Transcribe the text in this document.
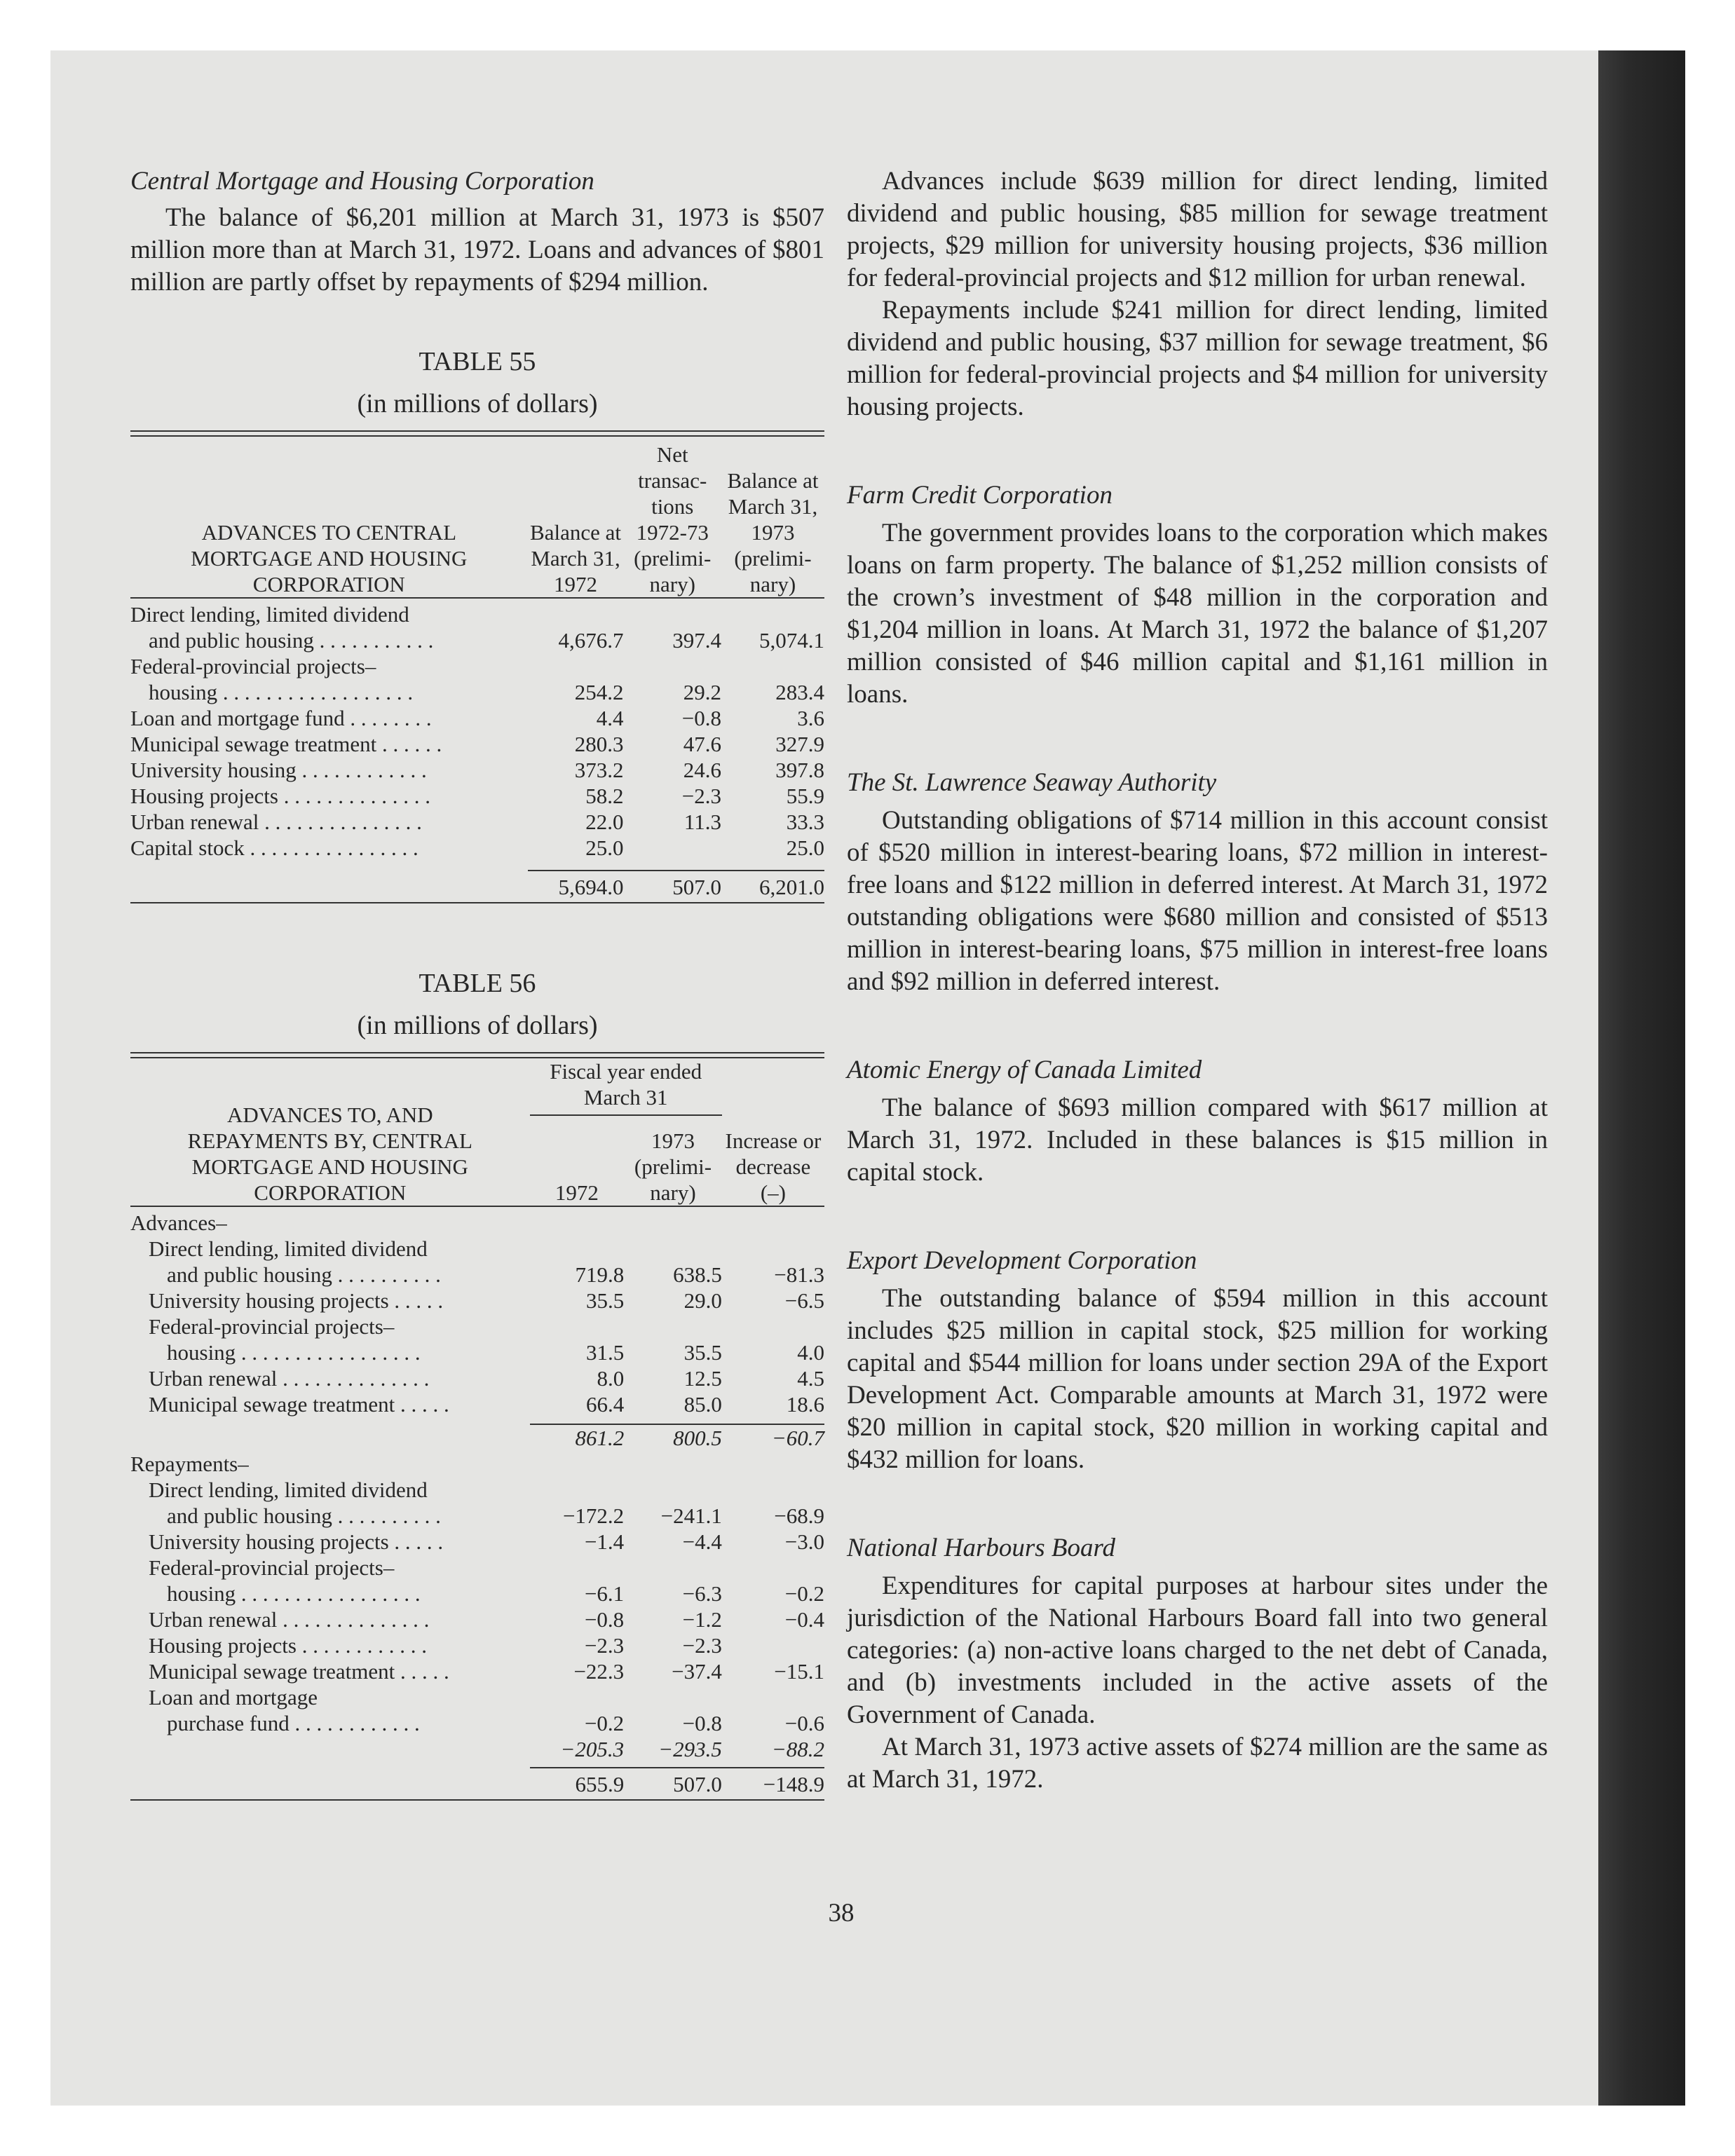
Central Mortgage and Housing Corporation

The balance of $6,201 million at March 31, 1973 is $507 million more than at March 31, 1972. Loans and advances of $801 million are partly offset by repayments of $294 million.

TABLE 55

(in millions of dollars)

ADVANCES TO CENTRAL MORTGAGE AND HOUSING CORPORATION	Balance at March 31, 1972	Net transac- tions 1972-73 (prelimi- nary)	Balance at March 31, 1973 (prelimi- nary)

Direct lending, limited dividend			
and public housing . . . . . . . . . . .	4,676.7	397.4	5,074.1
Federal-provincial projects–			
housing . . . . . . . . . . . . . . . . . .	254.2	29.2	283.4
Loan and mortgage fund . . . . . . . .	4.4	−0.8	3.6
Municipal sewage treatment . . . . . .	280.3	47.6	327.9
University housing . . . . . . . . . . . .	373.2	24.6	397.8
Housing projects . . . . . . . . . . . . . .	58.2	−2.3	55.9
Urban renewal . . . . . . . . . . . . . . .	22.0	11.3	33.3
Capital stock . . . . . . . . . . . . . . . .	25.0		25.0

	5,694.0	507.0	6,201.0

TABLE 56

(in millions of dollars)

ADVANCES TO, AND REPAYMENTS BY, CENTRAL MORTGAGE AND HOUSING CORPORATION	Fiscal year ended March 31		Increase or decrease (–)
	1972	1973 (prelimi- nary)	

Advances–			
Direct lending, limited dividend			
and public housing . . . . . . . . . .	719.8	638.5	−81.3
University housing projects . . . . .	35.5	29.0	−6.5
Federal-provincial projects–			
housing . . . . . . . . . . . . . . . . .	31.5	35.5	4.0
Urban renewal . . . . . . . . . . . . . .	8.0	12.5	4.5
Municipal sewage treatment . . . . .	66.4	85.0	18.6

	861.2	800.5	−60.7
Repayments–			
Direct lending, limited dividend			
and public housing . . . . . . . . . .	−172.2	−241.1	−68.9
University housing projects . . . . .	−1.4	−4.4	−3.0
Federal-provincial projects–			
housing . . . . . . . . . . . . . . . . .	−6.1	−6.3	−0.2
Urban renewal . . . . . . . . . . . . . .	−0.8	−1.2	−0.4
Housing projects . . . . . . . . . . . .	−2.3	−2.3	
Municipal sewage treatment . . . . .	−22.3	−37.4	−15.1
Loan and mortgage			
purchase fund . . . . . . . . . . . .	−0.2	−0.8	−0.6
	−205.3	−293.5	−88.2

	655.9	507.0	−148.9

Advances include $639 million for direct lending, limited dividend and public housing, $85 million for sewage treatment projects, $29 million for university housing projects, $36 million for federal-provincial projects and $12 million for urban renewal.

Repayments include $241 million for direct lending, limited dividend and public housing, $37 million for sewage treatment, $6 million for federal-provincial projects and $4 million for university housing projects.

Farm Credit Corporation

The government provides loans to the corporation which makes loans on farm property. The balance of $1,252 million consists of the crown’s investment of $48 million in the corporation and $1,204 million in loans. At March 31, 1972 the balance of $1,207 million consisted of $46 million capital and $1,161 million in loans.

The St. Lawrence Seaway Authority

Outstanding obligations of $714 million in this account consist of $520 million in interest-bearing loans, $72 million in interest-free loans and $122 million in deferred interest. At March 31, 1972 outstanding obligations were $680 million and consisted of $513 million in interest-bearing loans, $75 million in interest-free loans and $92 million in deferred interest.

Atomic Energy of Canada Limited

The balance of $693 million compared with $617 million at March 31, 1972. Included in these balances is $15 million in capital stock.

Export Development Corporation

The outstanding balance of $594 million in this account includes $25 million in capital stock, $25 million for working capital and $544 million for loans under section 29A of the Export Development Act. Comparable amounts at March 31, 1972 were $20 million in capital stock, $20 million in working capital and $432 million for loans.

National Harbours Board

Expenditures for capital purposes at harbour sites under the jurisdiction of the National Harbours Board fall into two general categories: (a) non-active loans charged to the net debt of Canada, and (b) investments included in the active assets of the Government of Canada.

At March 31, 1973 active assets of $274 million are the same as at March 31, 1972.

38
